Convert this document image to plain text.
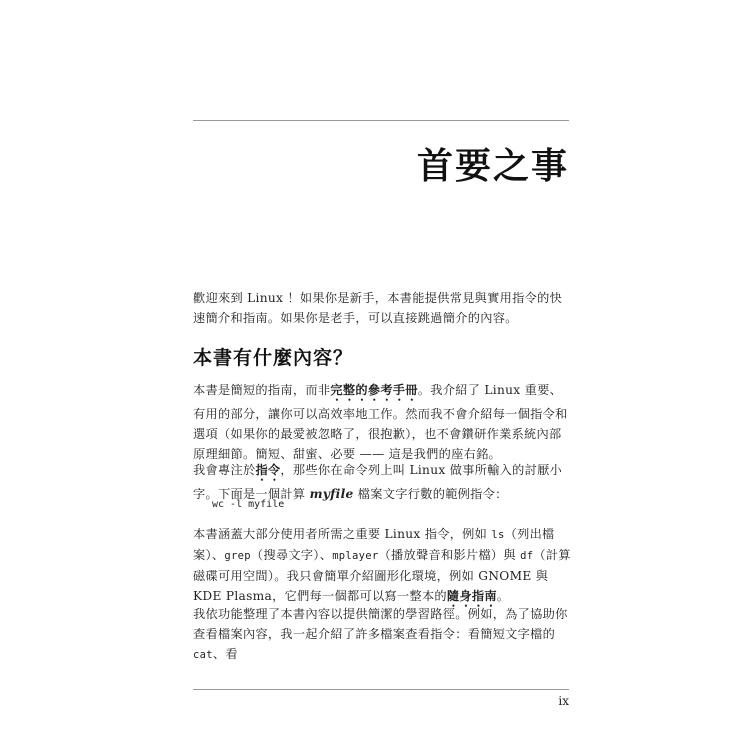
首要之事

歡迎來到 Linux ！如果你是新手，本書能提供常見與實用指令的快速簡介和指南。如果你是老手，可以直接跳過簡介的內容。

本書有什麼內容？

本書是簡短的指南，而非完整的參考手冊。我介紹了 Linux 重要、有用的部分，讓你可以高效率地工作。然而我不會介紹每一個指令和選項（如果你的最愛被忽略了，很抱歉），也不會鑽研作業系統內部原理細節。簡短、甜蜜、必要 —— 這是我們的座右銘。

我會專注於指令，那些你在命令列上叫 Linux 做事所輸入的討厭小字。下面是一個計算 myfile 檔案文字行數的範例指令：

wc -l myfile

本書涵蓋大部分使用者所需之重要 Linux 指令，例如 ls（列出檔案）、grep（搜尋文字）、mplayer（播放聲音和影片檔）與 df（計算磁碟可用空間）。我只會簡單介紹圖形化環境，例如 GNOME 與 KDE Plasma，它們每一個都可以寫一整本的隨身指南。

我依功能整理了本書內容以提供簡潔的學習路徑。例如，為了協助你查看檔案內容，我一起介紹了許多檔案查看指令：看簡短文字檔的 cat、看

ix
